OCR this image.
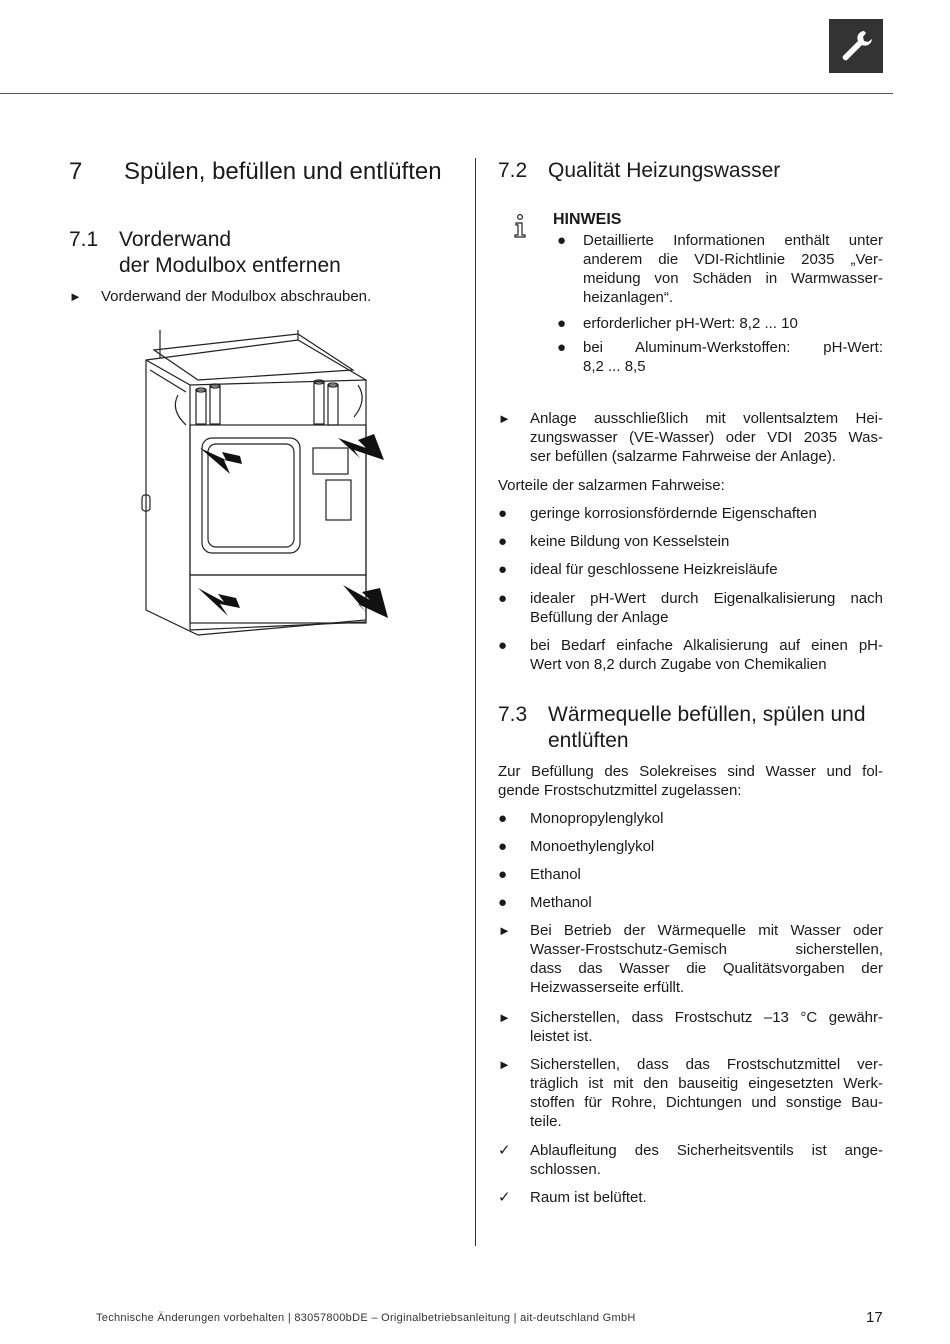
7 Spülen, befüllen und entlüften
7.1 Vorderwand
der Modulbox entfernen
►	Vorderwand der Modulbox abschrauben.
7.2 Qualität Heizungswasser
HINWEIS
● Detaillierte Informationen enthält unter
anderem die VDI-Richtlinie 2035 „Ver-
meidung von Schäden in Warmwasser-
heizanlagen“.
● erforderlicher pH-Wert: 8,2 ... 10
● bei Aluminum-Werkstoffen: pH-Wert:
8,2 ... 8,5
►	Anlage ausschließlich mit vollentsalztem Hei-
zungswasser (VE-Wasser) oder VDI 2035 Was-
ser befüllen (salzarme Fahrweise der Anlage).
Vorteile der salzarmen Fahrweise:
●	geringe korrosionsfördernde Eigenschaften
●	keine Bildung von Kesselstein
●	ideal für geschlossene Heizkreisläufe
●	idealer pH-Wert durch Eigenalkalisierung nach
Befüllung der Anlage
●	bei Bedarf einfache Alkalisierung auf einen pH-
Wert von 8,2 durch Zugabe von Chemikalien
7.3 Wärmequelle befüllen, spülen und
entlüften
Zur Befüllung des Solekreises sind Wasser und fol-
gende Frostschutzmittel zugelassen:
●	Monopropylenglykol
●	Monoethylenglykol
●	Ethanol
●	Methanol
►	Bei Betrieb der Wärmequelle mit Wasser oder
Wasser-Frostschutz-Gemisch      sicherstellen,
dass das Wasser die Qualitätsvorgaben der
Heizwasserseite erfüllt.
►	Sicherstellen, dass Frostschutz –13 °C gewähr-
leistet ist.
►	Sicherstellen, dass das Frostschutzmittel ver-
träglich ist mit den bauseitig eingesetzten Werk-
stoffen für Rohre, Dichtungen und sonstige Bau-
teile.
✓	Ablaufleitung des Sicherheitsventils ist ange-
schlossen.
✓	Raum ist belüftet.
Technische Änderungen vorbehalten | 83057800bDE – Originalbetriebsanleitung | ait-deutschland GmbH	17
